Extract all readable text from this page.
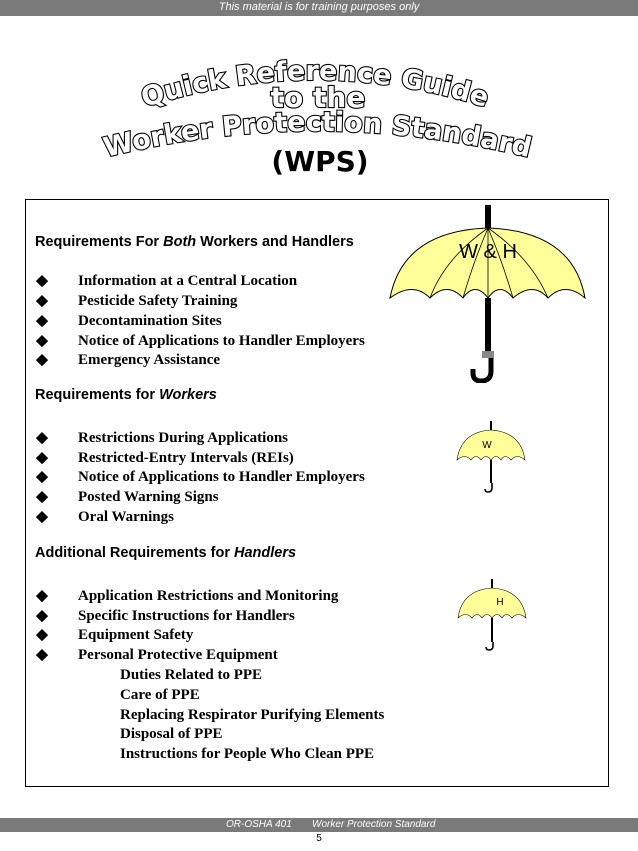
This material is for training purposes only
Quick Reference Guide
to the
Worker Protection Standard
(WPS)
Requirements For Both Workers and Handlers
◆ Information at a Central Location
◆ Pesticide Safety Training
◆ Decontamination Sites
◆ Notice of Applications to Handler Employers
◆ Emergency Assistance
W & H
Requirements for Workers
◆ Restrictions During Applications
◆ Restricted-Entry Intervals (REIs)
◆ Notice of Applications to Handler Employers
◆ Posted Warning Signs
◆ Oral Warnings
W
Additional Requirements for Handlers
◆ Application Restrictions and Monitoring
◆ Specific Instructions for Handlers
◆ Equipment Safety
◆ Personal Protective Equipment
Duties Related to PPE
Care of PPE
Replacing Respirator Purifying Elements
Disposal of PPE
Instructions for People Who Clean PPE
H
OR-OSHA 401 Worker Protection Standard
5
